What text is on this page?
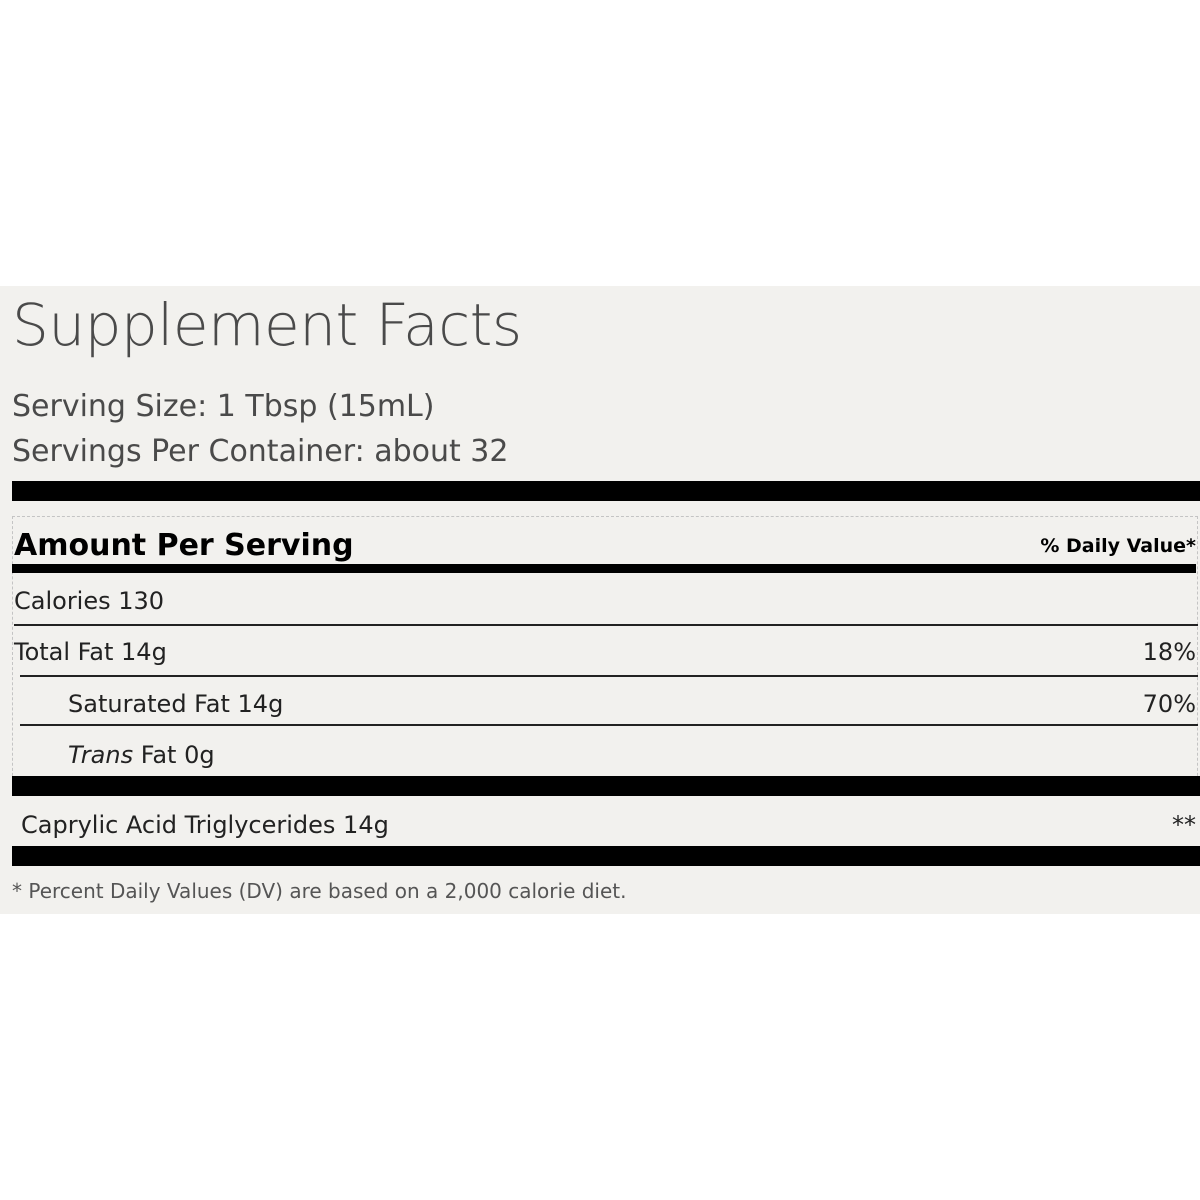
Supplement Facts
Serving Size: 1 Tbsp (15mL)
Servings Per Container: about 32
Amount Per Serving	% Daily Value*
Calories 130
Total Fat 14g	18%
Saturated Fat 14g	70%
Trans Fat 0g
Caprylic Acid Triglycerides 14g	**
* Percent Daily Values (DV) are based on a 2,000 calorie diet.
